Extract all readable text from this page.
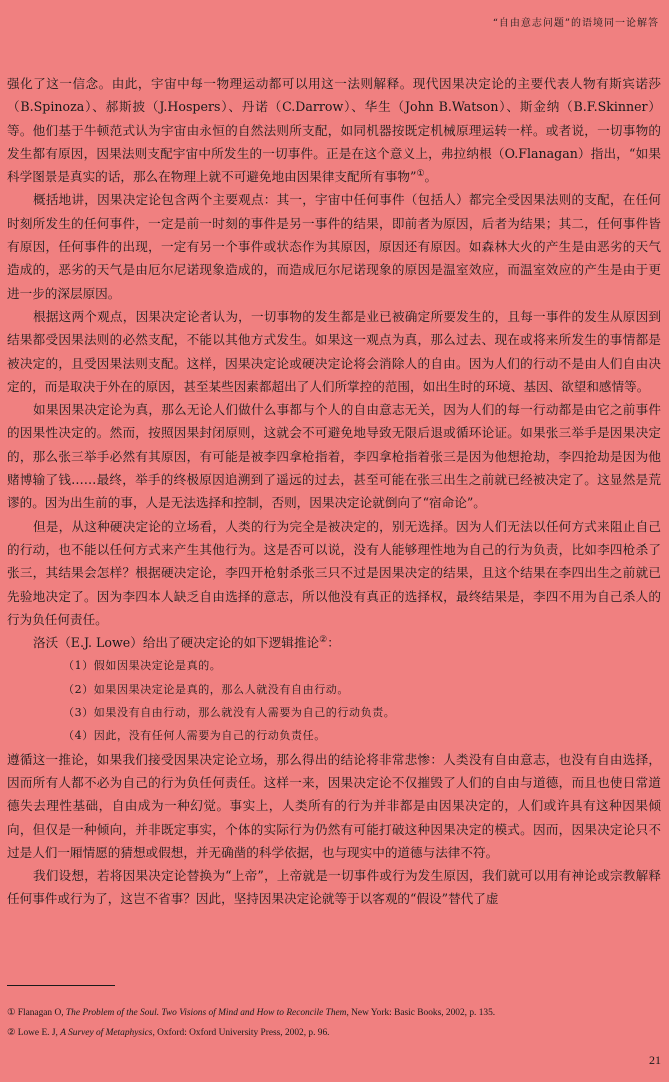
“自由意志问题”的语境同一论解答

强化了这一信念。由此，宇宙中每一物理运动都可以用这一法则解释。现代因果决定论的主要代表人物有斯宾诺莎（B.Spinoza）、郝斯披（J.Hospers）、丹诺（C.Darrow）、华生（John B.Watson）、斯金纳（B.F.Skinner）等。他们基于牛顿范式认为宇宙由永恒的自然法则所支配，如同机器按既定机械原理运转一样。或者说，一切事物的发生都有原因，因果法则支配宇宙中所发生的一切事件。正是在这个意义上，弗拉纳根（O.Flanagan）指出，“如果科学图景是真实的话，那么在物理上就不可避免地由因果律支配所有事物”①。

概括地讲，因果决定论包含两个主要观点：其一，宇宙中任何事件（包括人）都完全受因果法则的支配，在任何时刻所发生的任何事件，一定是前一时刻的事件是另一事件的结果，即前者为原因，后者为结果；其二，任何事件皆有原因，任何事件的出现，一定有另一个事件或状态作为其原因，原因还有原因。如森林大火的产生是由恶劣的天气造成的，恶劣的天气是由厄尔尼诺现象造成的，而造成厄尔尼诺现象的原因是温室效应，而温室效应的产生是由于更进一步的深层原因。

根据这两个观点，因果决定论者认为，一切事物的发生都是业已被确定所要发生的，且每一事件的发生从原因到结果都受因果法则的必然支配，不能以其他方式发生。如果这一观点为真，那么过去、现在或将来所发生的事情都是被决定的，且受因果法则支配。这样，因果决定论或硬决定论将会消除人的自由。因为人们的行动不是由人们自由决定的，而是取决于外在的原因，甚至某些因素都超出了人们所掌控的范围，如出生时的环境、基因、欲望和感情等。

如果因果决定论为真，那么无论人们做什么事都与个人的自由意志无关，因为人们的每一行动都是由它之前事件的因果性决定的。然而，按照因果封闭原则，这就会不可避免地导致无限后退或循环论证。如果张三举手是因果决定的，那么张三举手必然有其原因，有可能是被李四拿枪指着，李四拿枪指着张三是因为他想抢劫，李四抢劫是因为他赌博输了钱……最终，举手的终极原因追溯到了遥远的过去，甚至可能在张三出生之前就已经被决定了。这显然是荒谬的。因为出生前的事，人是无法选择和控制，否则，因果决定论就倒向了“宿命论”。

但是，从这种硬决定论的立场看，人类的行为完全是被决定的，别无选择。因为人们无法以任何方式来阻止自己的行动，也不能以任何方式来产生其他行为。这是否可以说，没有人能够理性地为自己的行为负责，比如李四枪杀了张三，其结果会怎样？根据硬决定论，李四开枪射杀张三只不过是因果决定的结果，且这个结果在李四出生之前就已先验地决定了。因为李四本人缺乏自由选择的意志，所以他没有真正的选择权，最终结果是，李四不用为自己杀人的行为负任何责任。

洛沃（E.J. Lowe）给出了硬决定论的如下逻辑推论②：

（1）假如因果决定论是真的。
（2）如果因果决定论是真的，那么人就没有自由行动。
（3）如果没有自由行动，那么就没有人需要为自己的行动负责。
（4）因此，没有任何人需要为自己的行动负责任。

遵循这一推论，如果我们接受因果决定论立场，那么得出的结论将非常悲惨：人类没有自由意志，也没有自由选择，因而所有人都不必为自己的行为负任何责任。这样一来，因果决定论不仅摧毁了人们的自由与道德，而且也使日常道德失去理性基础，自由成为一种幻觉。事实上，人类所有的行为并非都是由因果决定的，人们或许具有这种因果倾向，但仅是一种倾向，并非既定事实，个体的实际行为仍然有可能打破这种因果决定的模式。因而，因果决定论只不过是人们一厢情愿的猜想或假想，并无确凿的科学依据，也与现实中的道德与法律不符。

我们设想，若将因果决定论替换为“上帝”，上帝就是一切事件或行为发生原因，我们就可以用有神论或宗教解释任何事件或行为了，这岂不省事？因此，坚持因果决定论就等于以客观的“假设”替代了虚

① Flanagan O, The Problem of the Soul. Two Visions of Mind and How to Reconcile Them, New York: Basic Books, 2002, p. 135.
② Lowe E. J, A Survey of Metaphysics, Oxford: Oxford University Press, 2002, p. 96.
21
